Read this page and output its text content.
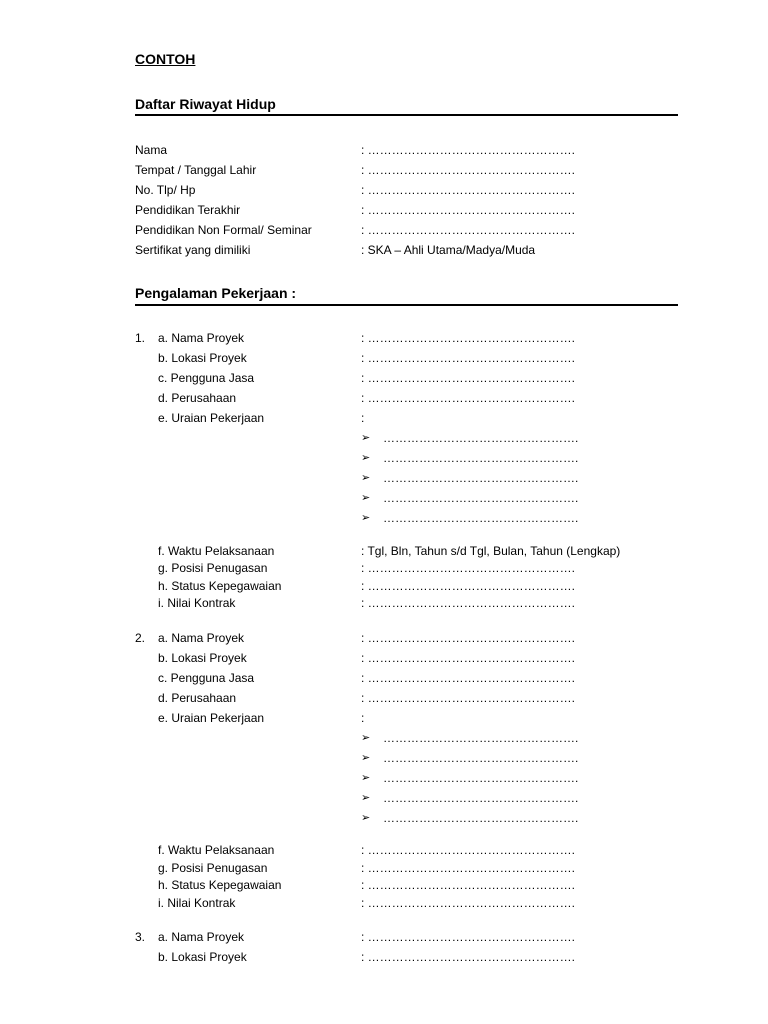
CONTOH
Daftar Riwayat Hidup
Nama	: …………………………………………….
Tempat / Tanggal Lahir	: …………………………………………….
No. Tlp/ Hp	: …………………………………………….
Pendidikan Terakhir	: …………………………………………….
Pendidikan Non Formal/ Seminar	: …………………………………………….
Sertifikat yang dimiliki	: SKA – Ahli Utama/Madya/Muda
Pengalaman Pekerjaan :
1. a. Nama Proyek	: …………………………………………….
b. Lokasi Proyek	: …………………………………………….
c. Pengguna Jasa	: …………………………………………….
d. Perusahaan	: …………………………………………….
e. Uraian Pekerjaan	:
➢ ………………………………………….
➢ ………………………………………….
➢ ………………………………………….
➢ ………………………………………….
➢ ………………………………………….
f. Waktu Pelaksanaan	: Tgl, Bln, Tahun s/d Tgl, Bulan, Tahun (Lengkap)
g. Posisi Penugasan	: …………………………………………….
h. Status Kepegawaian	: …………………………………………….
i. Nilai Kontrak	: …………………………………………….
2. a. Nama Proyek	: …………………………………………….
b. Lokasi Proyek	: …………………………………………….
c. Pengguna Jasa	: …………………………………………….
d. Perusahaan	: …………………………………………….
e. Uraian Pekerjaan	:
➢ ………………………………………….
➢ ………………………………………….
➢ ………………………………………….
➢ ………………………………………….
➢ ………………………………………….
f. Waktu Pelaksanaan	: …………………………………………….
g. Posisi Penugasan	: …………………………………………….
h. Status Kepegawaian	: …………………………………………….
i. Nilai Kontrak	: …………………………………………….
3. a. Nama Proyek	: …………………………………………….
b. Lokasi Proyek	: …………………………………………….
